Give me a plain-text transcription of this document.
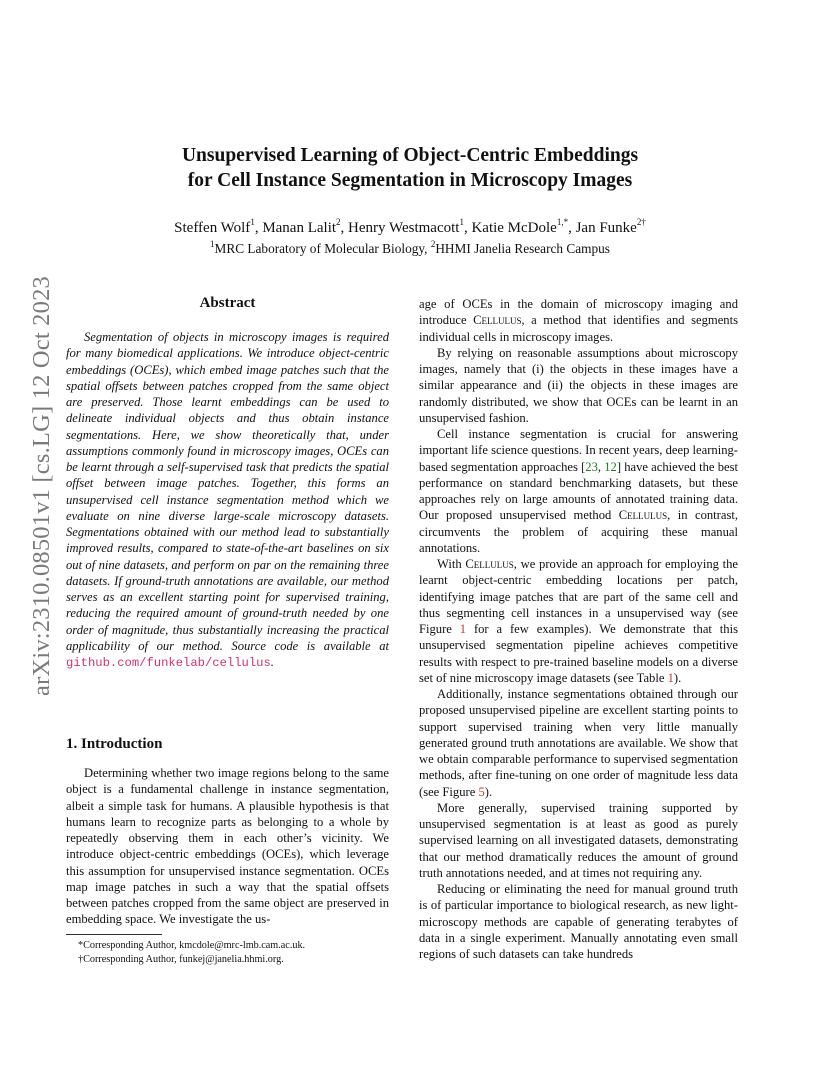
arXiv:2310.08501v1 [cs.LG] 12 Oct 2023
Unsupervised Learning of Object-Centric Embeddings
for Cell Instance Segmentation in Microscopy Images
Steffen Wolf$^1$, Manan Lalit$^2$, Henry Westmacott$^1$, Katie McDole$^{1,*}$, Jan Funke$^{2\dagger}$
$^1$MRC Laboratory of Molecular Biology, $^2$HHMI Janelia Research Campus
Abstract

Segmentation of objects in microscopy images is required for many biomedical applications. We introduce object-centric embeddings (OCEs), which embed image patches such that the spatial offsets between patches cropped from the same object are preserved. Those learnt embeddings can be used to delineate individual objects and thus obtain instance segmentations. Here, we show theoretically that, under assumptions commonly found in microscopy images, OCEs can be learnt through a self-supervised task that predicts the spatial offset between image patches. Together, this forms an unsupervised cell instance segmentation method which we evaluate on nine diverse large-scale microscopy datasets. Segmentations obtained with our method lead to substantially improved results, compared to state-of-the-art baselines on six out of nine datasets, and perform on par on the remaining three datasets. If ground-truth annotations are available, our method serves as an excellent starting point for supervised training, reducing the required amount of ground-truth needed by one order of magnitude, thus substantially increasing the practical applicability of our method. Source code is available at github.com/funkelab/cellulus.

1. Introduction

Determining whether two image regions belong to the same object is a fundamental challenge in instance segmentation, albeit a simple task for humans. A plausible hypothesis is that humans learn to recognize parts as belonging to a whole by repeatedly observing them in each other’s vicinity. We introduce object-centric embeddings (OCEs), which leverage this assumption for unsupervised instance segmentation. OCEs map image patches in such a way that the spatial offsets between patches cropped from the same object are preserved in embedding space. We investigate the us-

age of OCEs in the domain of microscopy imaging and introduce Cellulus, a method that identifies and segments individual cells in microscopy images.

By relying on reasonable assumptions about microscopy images, namely that (i) the objects in these images have a similar appearance and (ii) the objects in these images are randomly distributed, we show that OCEs can be learnt in an unsupervised fashion.

Cell instance segmentation is crucial for answering important life science questions. In recent years, deep learning-based segmentation approaches [23, 12] have achieved the best performance on standard benchmarking datasets, but these approaches rely on large amounts of annotated training data. Our proposed unsupervised method Cellulus, in contrast, circumvents the problem of acquiring these manual annotations.

With Cellulus, we provide an approach for employing the learnt object-centric embedding locations per patch, identifying image patches that are part of the same cell and thus segmenting cell instances in a unsupervised way (see Figure 1 for a few examples). We demonstrate that this unsupervised segmentation pipeline achieves competitive results with respect to pre-trained baseline models on a diverse set of nine microscopy image datasets (see Table 1).

Additionally, instance segmentations obtained through our proposed unsupervised pipeline are excellent starting points to support supervised training when very little manually generated ground truth annotations are available. We show that we obtain comparable performance to supervised segmentation methods, after fine-tuning on one order of magnitude less data (see Figure 5).

More generally, supervised training supported by unsupervised segmentation is at least as good as purely supervised learning on all investigated datasets, demonstrating that our method dramatically reduces the amount of ground truth annotations needed, and at times not requiring any.

Reducing or eliminating the need for manual ground truth is of particular importance to biological research, as new light-microscopy methods are capable of generating terabytes of data in a single experiment. Manually annotating even small regions of such datasets can take hundreds

*Corresponding Author, kmcdole@mrc-lmb.cam.ac.uk.
†Corresponding Author, funkej@janelia.hhmi.org.
